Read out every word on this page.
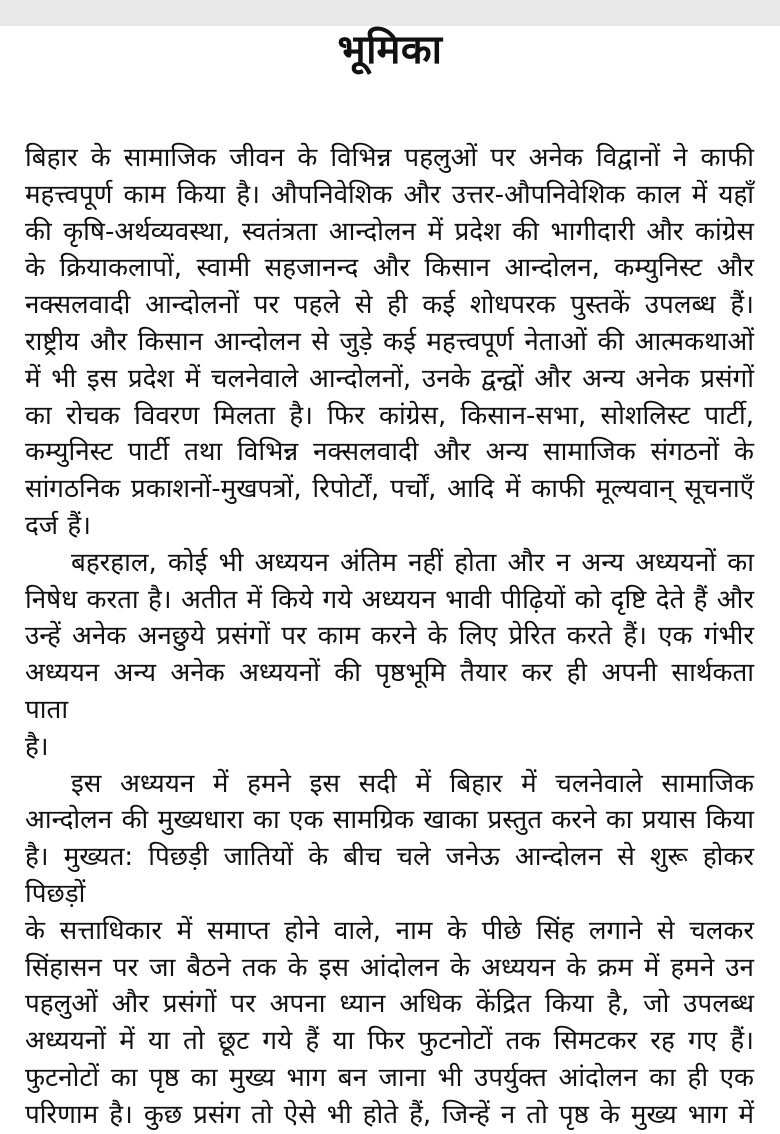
भूमिका
बिहार के सामाजिक जीवन के विभिन्न पहलुओं पर अनेक विद्वानों ने काफी
महत्त्वपूर्ण काम किया है। औपनिवेशिक और उत्तर-औपनिवेशिक काल में यहाँ
की कृषि-अर्थव्यवस्था, स्वतंत्रता आन्दोलन में प्रदेश की भागीदारी और कांग्रेस
के क्रियाकलापों, स्वामी सहजानन्द और किसान आन्दोलन, कम्युनिस्ट और
नक्सलवादी आन्दोलनों पर पहले से ही कई शोधपरक पुस्तकें उपलब्ध हैं।
राष्ट्रीय और किसान आन्दोलन से जुड़े कई महत्त्वपूर्ण नेताओं की आत्मकथाओं
में भी इस प्रदेश में चलनेवाले आन्दोलनों, उनके द्वन्द्वों और अन्य अनेक प्रसंगों
का रोचक विवरण मिलता है। फिर कांग्रेस, किसान-सभा, सोशलिस्ट पार्टी,
कम्युनिस्ट पार्टी तथा विभिन्न नक्सलवादी और अन्य सामाजिक संगठनों के
सांगठनिक प्रकाशनों-मुखपत्रों, रिपोर्टों, पर्चों, आदि में काफी मूल्यवान् सूचनाएँ
दर्ज हैं।
बहरहाल, कोई भी अध्ययन अंतिम नहीं होता और न अन्य अध्ययनों का
निषेध करता है। अतीत में किये गये अध्ययन भावी पीढ़ियों को दृष्टि देते हैं और
उन्हें अनेक अनछुये प्रसंगों पर काम करने के लिए प्रेरित करते हैं। एक गंभीर
अध्ययन अन्य अनेक अध्ययनों की पृष्ठभूमि तैयार कर ही अपनी सार्थकता पाता
है।
इस अध्ययन में हमने इस सदी में बिहार में चलनेवाले सामाजिक
आन्दोलन की मुख्यधारा का एक सामग्रिक खाका प्रस्तुत करने का प्रयास किया
है। मुख्यत: पिछड़ी जातियों के बीच चले जनेऊ आन्दोलन से शुरू होकर पिछड़ों
के सत्ताधिकार में समाप्त होने वाले, नाम के पीछे सिंह लगाने से चलकर
सिंहासन पर जा बैठने तक के इस आंदोलन के अध्ययन के क्रम में हमने उन
पहलुओं और प्रसंगों पर अपना ध्यान अधिक केंद्रित किया है, जो उपलब्ध
अध्ययनों में या तो छूट गये हैं या फिर फुटनोटों तक सिमटकर रह गए हैं।
फुटनोटों का पृष्ठ का मुख्य भाग बन जाना भी उपर्युक्त आंदोलन का ही एक
परिणाम है। कुछ प्रसंग तो ऐसे भी होते हैं, जिन्हें न तो पृष्ठ के मुख्य भाग में
